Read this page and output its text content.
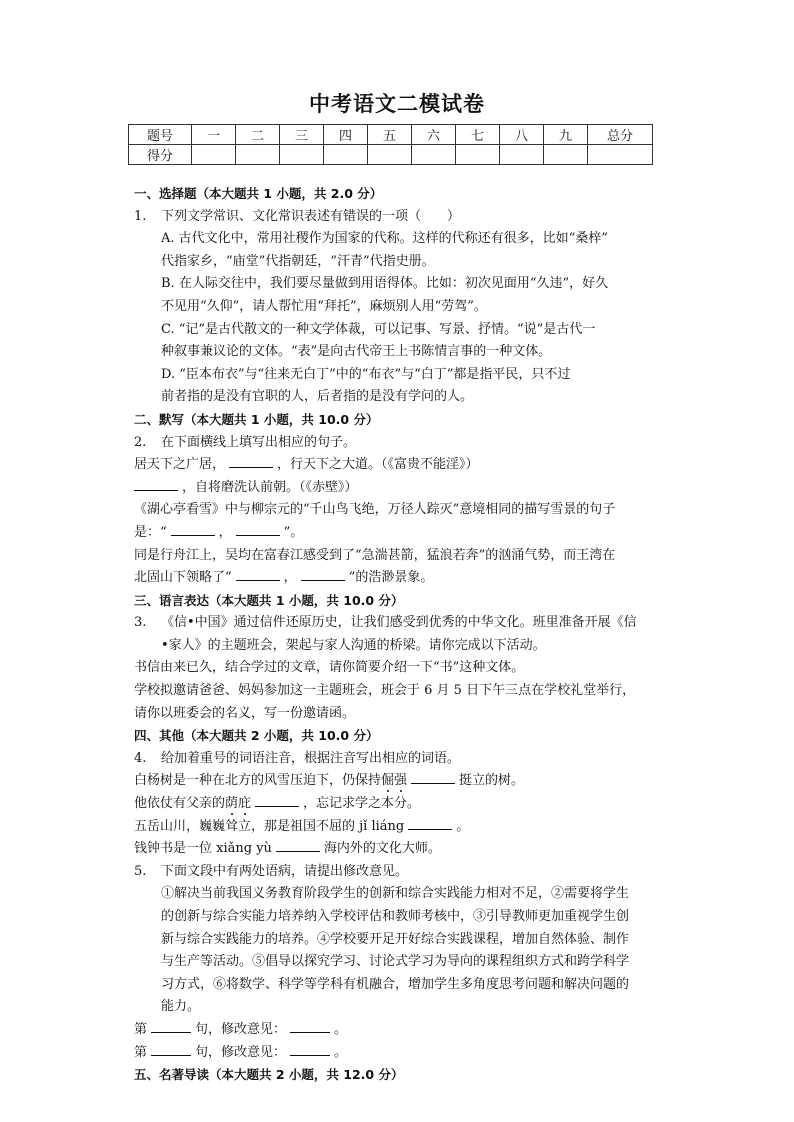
中考语文二模试卷
题号	一	二	三	四	五	六	七	八	九	总分
得分										
一、选择题（本大题共 1 小题，共 2.0 分）
1. 下列文学常识、文化常识表述有错误的一项（　　）
A. 古代文化中，常用社稷作为国家的代称。这样的代称还有很多，比如“桑梓”
代指家乡，“庙堂”代指朝廷，“汗青”代指史册。
B. 在人际交往中，我们要尽量做到用语得体。比如：初次见面用“久违”，好久
不见用“久仰”，请人帮忙用“拜托”，麻烦别人用“劳驾”。
C. “记”是古代散文的一种文学体裁，可以记事、写景、抒情。“说”是古代一
种叙事兼议论的文体。“表”是向古代帝王上书陈情言事的一种文体。
D. “臣本布衣”与“往来无白丁”中的“布衣”与“白丁”都是指平民，只不过
前者指的是没有官职的人，后者指的是没有学问的人。
二、默写（本大题共 1 小题，共 10.0 分）
2. 在下面横线上填写出相应的句子。
居天下之广居，	，行天下之大道。（《富贵不能淫》）
，自将磨洗认前朝。（《赤壁》）
《湖心亭看雪》中与柳宗元的“千山鸟飞绝，万径人踪灭”意境相同的描写雪景的句子
是：“	，	”。
同是行舟江上，吴均在富春江感受到了“急湍甚箭，猛浪若奔”的汹涌气势，而王湾在
北固山下领略了“	，	”的浩渺景象。
三、语言表达（本大题共 1 小题，共 10.0 分）
3. 《信•中国》通过信件还原历史，让我们感受到优秀的中华文化。班里准备开展《信
•家人》的主题班会，架起与家人沟通的桥梁。请你完成以下活动。
书信由来已久，结合学过的文章，请你简要介绍一下“书”这种文体。
学校拟邀请爸爸、妈妈参加这一主题班会，班会于 6 月 5 日下午三点在学校礼堂举行，
请你以班委会的名义，写一份邀请函。
四、其他（本大题共 2 小题，共 10.0 分）
4. 给加着重号的词语注音，根据注音写出相应的词语。
白杨树是一种在北方的风雪压迫下，仍保持倔强	挺立的树。
他依仗有父亲的荫庇	，忘记求学之本分。
五岳山川，巍巍耸立，那是祖国不屈的 jǐ liáng	。
钱钟书是一位 xiǎng yù	海内外的文化大师。
5. 下面文段中有两处语病，请提出修改意见。
①解决当前我国义务教育阶段学生的创新和综合实践能力相对不足，②需要将学生
的创新与综合实能力培养纳入学校评估和教师考核中，③引导教师更加重视学生创
新与综合实践能力的培养。④学校要开足开好综合实践课程，增加自然体验、制作
与生产等活动。⑤倡导以探究学习、讨论式学习为导向的课程组织方式和跨学科学
习方式，⑥将数学、科学等学科有机融合，增加学生多角度思考问题和解决问题的
能力。
第	句，修改意见：	。
第	句，修改意见：	。
五、名著导读（本大题共 2 小题，共 12.0 分）
